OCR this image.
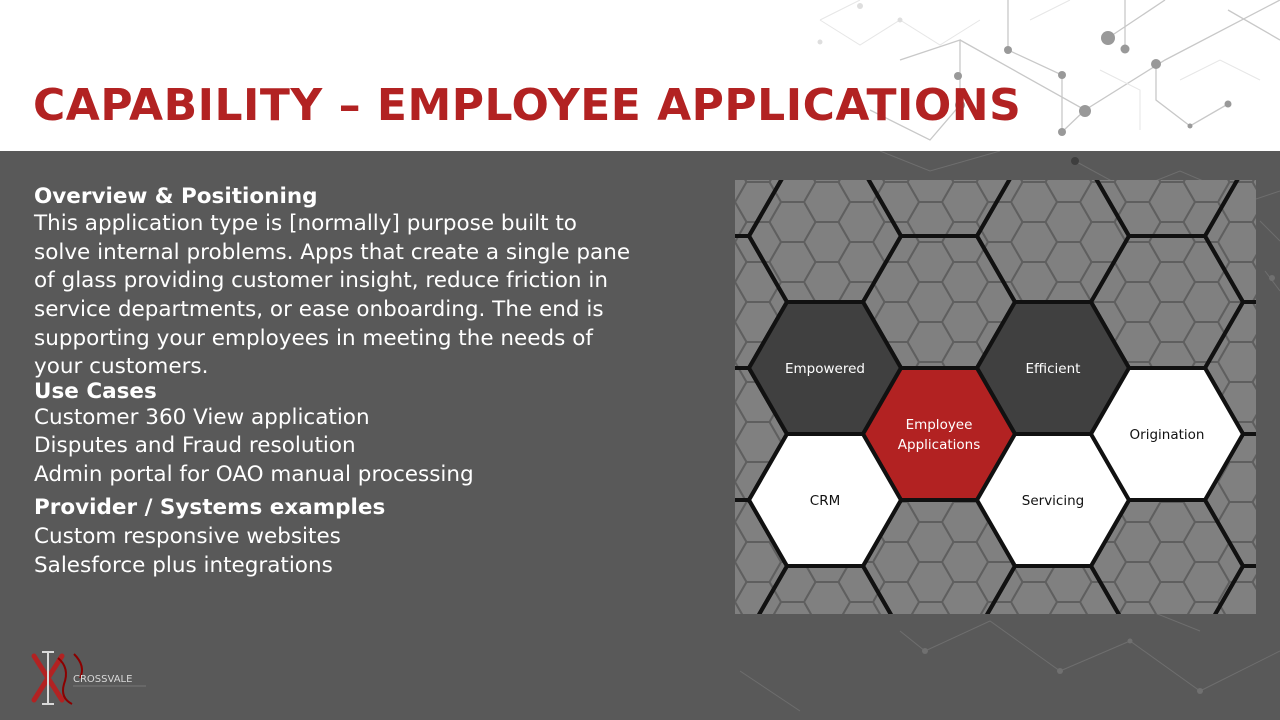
CAPABILITY – EMPLOYEE APPLICATIONS

Overview & Positioning

This application type is [normally] purpose built to

solve internal problems. Apps that create a single pane

of glass providing customer insight, reduce friction in

service departments, or ease onboarding. The end is

supporting your employees in meeting the needs of

your customers.

Use Cases

Customer 360 View application

Disputes and Fraud resolution

Admin portal for OAO manual processing

Provider / Systems examples

Custom responsive websites

Salesforce plus integrations

Empowered	Efficient
Employee
Applications
CRM	Servicing
Origination
CROSSVALE
